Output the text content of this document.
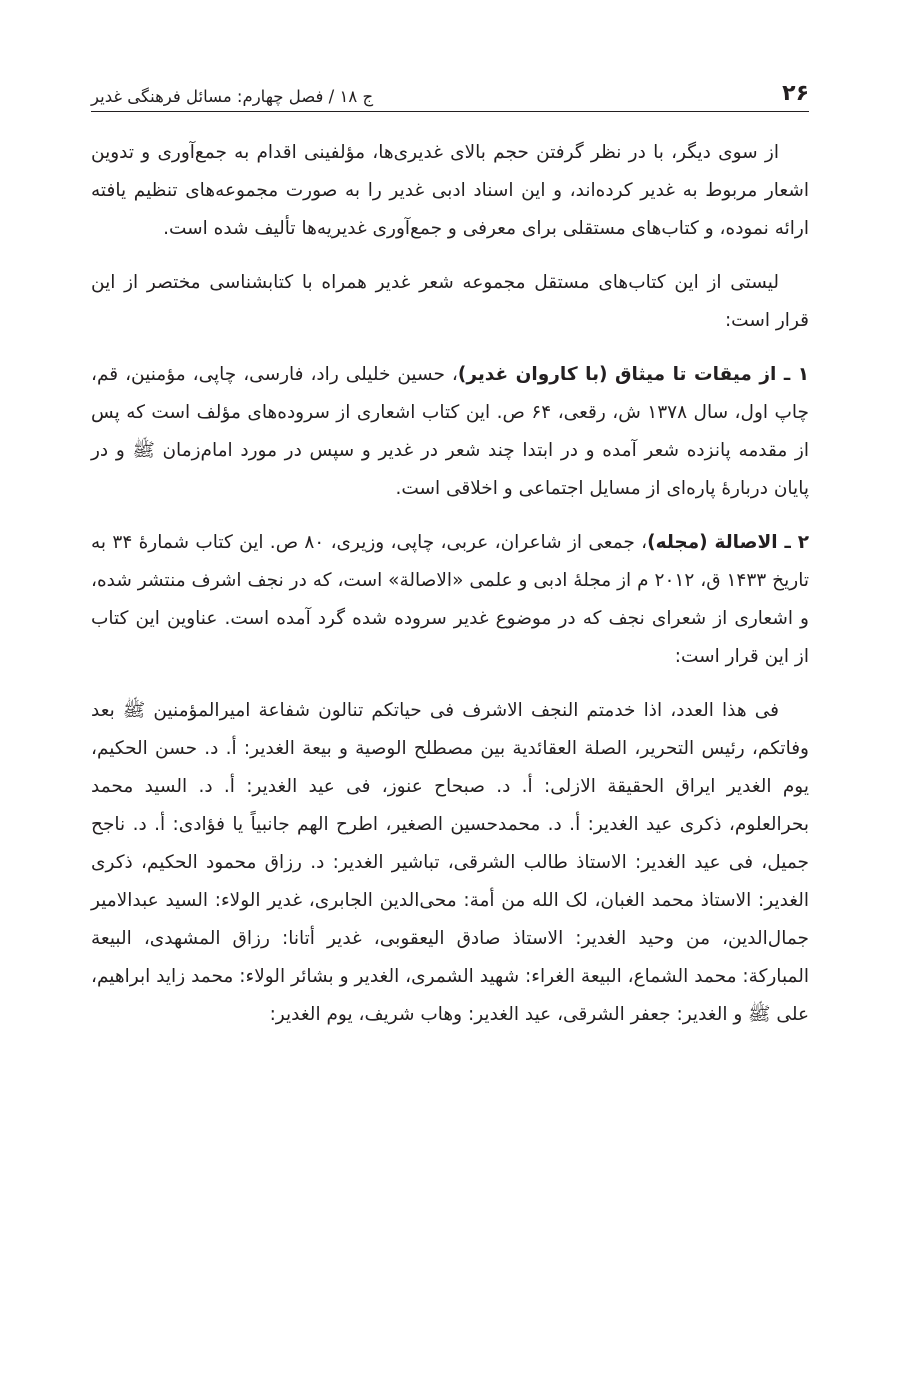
۲۶
ج ۱۸ / فصل چهارم: مسائل فرهنگی غدیر

از سوی دیگر، با در نظر گرفتن حجم بالای غدیری‌ها، مؤلفینی اقدام به جمع‌آوری و تدوین اشعار مربوط به غدیر کرده‌اند، و این اسناد ادبی غدیر را به صورت مجموعه‌های تنظیم یافته ارائه نموده، و کتاب‌های مستقلی برای معرفی و جمع‌آوری غدیریه‌ها تألیف شده است.

لیستی از این کتاب‌های مستقل مجموعه شعر غدیر همراه با کتابشناسی مختصر از این قرار است:

۱ ـ از میقات تا میثاق (با کاروان غدیر)، حسین خلیلی راد، فارسی، چاپی، مؤمنین، قم، چاپ اول، سال ۱۳۷۸ ش، رقعی، ۶۴ ص. این کتاب اشعاری از سروده‌های مؤلف است که پس از مقدمه پانزده شعر آمده و در ابتدا چند شعر در غدیر و سپس در مورد امام‌زمان ﷺ و در پایان دربارۀ پاره‌ای از مسایل اجتماعی و اخلاقی است.

۲ ـ الاصالة (مجله)، جمعی از شاعران، عربی، چاپی، وزیری، ۸۰ ص. این کتاب شمارۀ ۳۴ به تاریخ ۱۴۳۳ ق، ۲۰۱۲ م از مجلۀ ادبی و علمی «الاصالة» است، که در نجف اشرف منتشر شده، و اشعاری از شعرای نجف که در موضوع غدیر سروده شده گرد آمده است. عناوین این کتاب از این قرار است:

فی هذا العدد، اذا خدمتم النجف الاشرف فی حیاتکم تنالون شفاعة امیرالمؤمنین ﷺ بعد وفاتکم، رئیس التحریر، الصلة العقائدیة بین مصطلح الوصیة و بیعة الغدیر: أ. د. حسن الحکیم، یوم الغدیر ایراق الحقیقة الازلی: أ. د. صبحاح عنوز، فی عید الغدیر: أ. د. السید محمد بحرالعلوم، ذکری عید الغدیر: أ. د. محمدحسین الصغیر، اطرح الهم جانبیاً یا فؤادی: أ. د. ناجح جمیل، فی عید الغدیر: الاستاذ طالب الشرقی، تباشیر الغدیر: د. رزاق محمود الحکیم، ذکری الغدیر: الاستاذ محمد الغبان، لک الله من أمة: محی‌الدین الجابری، غدیر الولاء: السید عبدالامیر جمال‌الدین، من وحید الغدیر: الاستاذ صادق الیعقوبی، غدیر أتانا: رزاق المشهدی، البیعة المبارکة: محمد الشماع، البیعة الغراء: شهید الشمری، الغدیر و بشائر الولاء: محمد زاید ابراهیم، علی ﷺ و الغدیر: جعفر الشرقی، عید الغدیر: وهاب شریف، یوم الغدیر:
